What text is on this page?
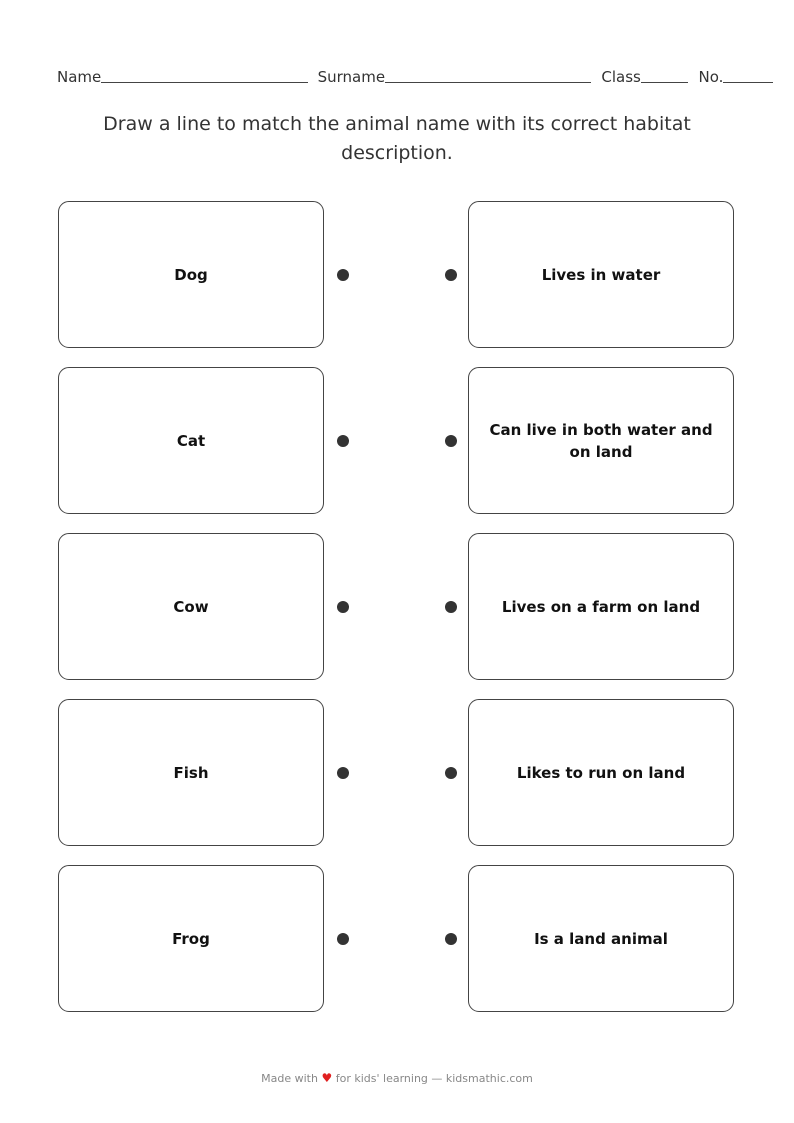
Name	Surname	Class	No.
Draw a line to match the animal name with its correct habitat description.
Dog	Lives in water
Cat
Can live in both water and on land
Cow	Lives on a farm on land
Fish	Likes to run on land
Frog	Is a land animal
Made with ♥ for kids' learning — kidsmathic.com
